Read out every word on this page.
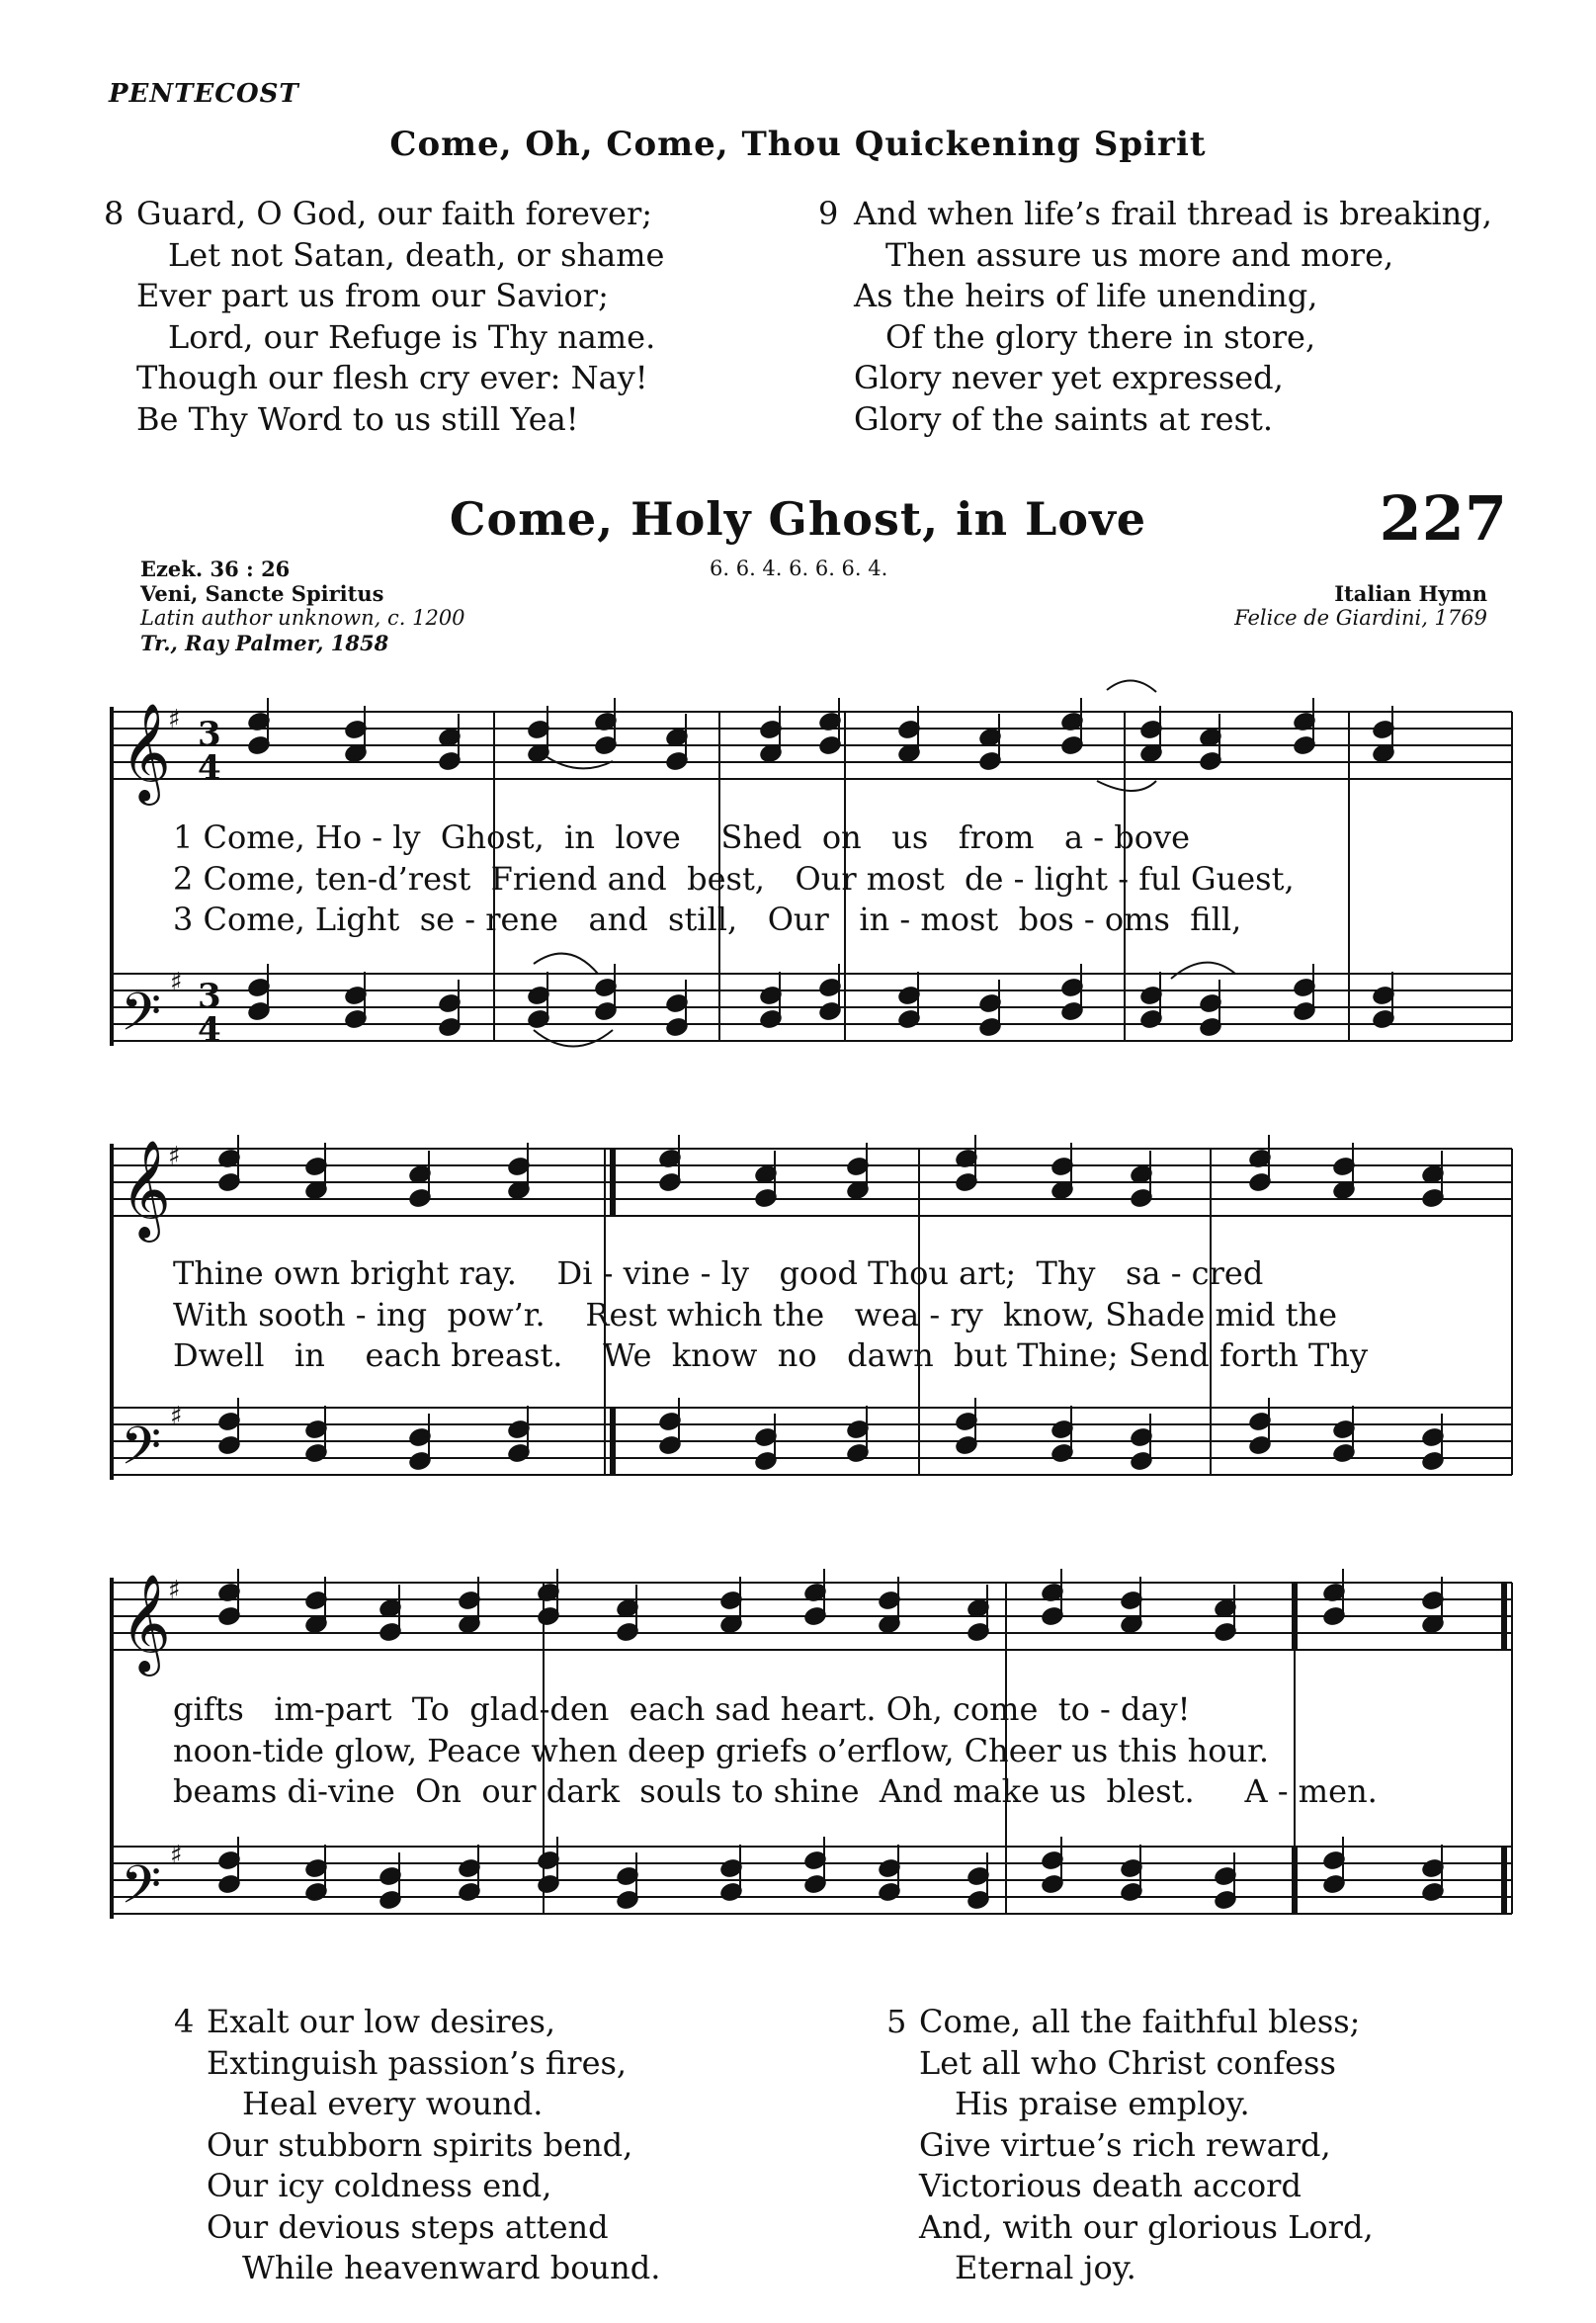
PENTECOST
Come, Oh, Come, Thou Quickening Spirit
8 Guard, O God, our faith forever;
Let not Satan, death, or shame
Ever part us from our Savior;
Lord, our Refuge is Thy name.
Though our flesh cry ever: Nay!
Be Thy Word to us still Yea!
9 And when life’s frail thread is breaking,
Then assure us more and more,
As the heirs of life unending,
Of the glory there in store,
Glory never yet expressed,
Glory of the saints at rest.
Come, Holy Ghost, in Love	227
Ezek. 36 : 26
Veni, Sancte Spiritus
Latin author unknown, c. 1200
Tr., Ray Palmer, 1858
6. 6. 4. 6. 6. 6. 4.
Italian Hymn
Felice de Giardini, 1769
𝄞
𝄢
𝄞
𝄢
𝄞
𝄢
♯
♯
♯
♯
♯
♯
3
4
3
4
1 Come, Ho - ly  Ghost,  in  love    Shed  on   us   from   a - bove
2 Come, ten-d’rest  Friend and  best,   Our most  de - light - ful Guest,
3 Come, Light  se - rene   and  still,   Our   in - most  bos - oms  fill,
Thine own bright ray.    Di - vine - ly   good Thou art;  Thy   sa - cred
With sooth - ing  pow’r.    Rest which the   wea - ry  know, Shade mid the
Dwell   in    each breast.    We  know  no   dawn  but Thine; Send forth Thy
gifts   im-part  To  glad-den  each sad heart. Oh, come  to - day!
noon-tide glow, Peace when deep griefs o’erflow, Cheer us this hour.
beams di-vine  On  our dark  souls to shine  And make us  blest.     A - men.
4 Exalt our low desires,
Extinguish passion’s fires,
Heal every wound.
Our stubborn spirits bend,
Our icy coldness end,
Our devious steps attend
While heavenward bound.
5 Come, all the faithful bless;
Let all who Christ confess
His praise employ.
Give virtue’s rich reward,
Victorious death accord
And, with our glorious Lord,
Eternal joy.
